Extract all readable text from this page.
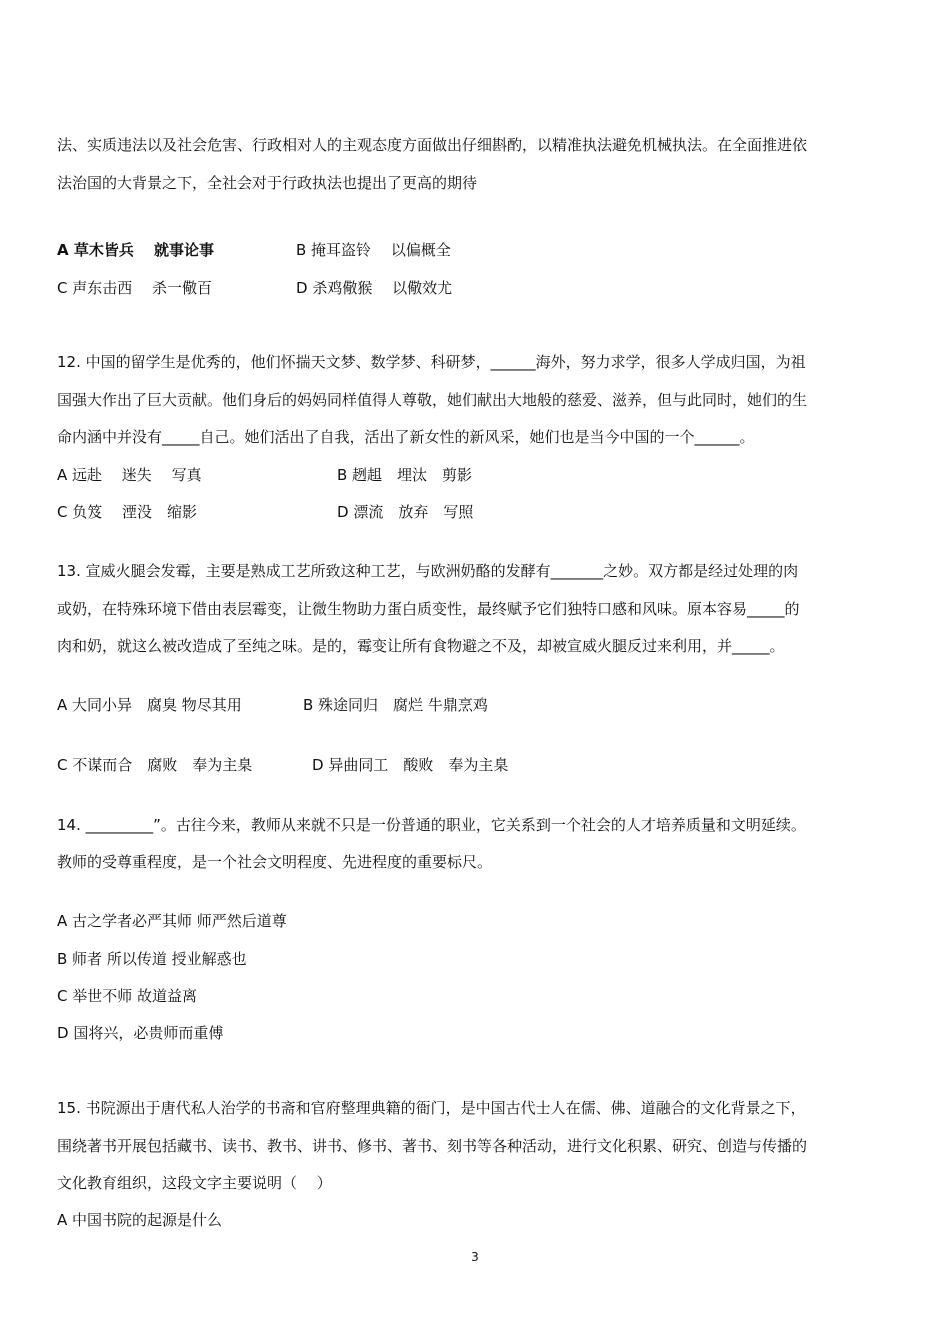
法、实质违法以及社会危害、行政相对人的主观态度方面做出仔细斟酌，以精准执法避免机械执法。在全面推进依
法治国的大背景之下，全社会对于行政执法也提出了更高的期待
A 草木皆兵　 就事论事	B 掩耳盗铃　 以偏概全
C 声东击西　 杀一儆百	D 杀鸡儆猴　 以儆效尤
12. 中国的留学生是优秀的，他们怀揣天文梦、数学梦、科研梦，______海外，努力求学，很多人学成归国，为祖
国强大作出了巨大贡献。他们身后的妈妈同样值得人尊敬，她们献出大地般的慈爱、滋养，但与此同时，她们的生
命内涵中并没有_____自己。她们活出了自我，活出了新女性的新风采，她们也是当今中国的一个______。
A 远赴　 迷失　 写真	B 趔趄　埋汰　剪影
C 负笈　 湮没　缩影	D 漂流　放弃　写照
13. 宣威火腿会发霉，主要是熟成工艺所致这种工艺，与欧洲奶酪的发酵有_______之妙。双方都是经过处理的肉
或奶，在特殊环境下借由表层霉变，让微生物助力蛋白质变性，最终赋予它们独特口感和风味。原本容易_____的
肉和奶，就这么被改造成了至纯之味。是的，霉变让所有食物避之不及，却被宣威火腿反过来利用，并_____。
A 大同小异　腐臭 物尽其用	B 殊途同归　腐烂 牛鼎烹鸡
C 不谋而合　腐败　奉为主臬	D 异曲同工　酸败　奉为主臬
14. _________”。古往今来，教师从来就不只是一份普通的职业，它关系到一个社会的人才培养质量和文明延续。
教师的受尊重程度，是一个社会文明程度、先进程度的重要标尺。
A 古之学者必严其师 师严然后道尊
B 师者 所以传道 授业解惑也
C 举世不师 故道益离
D 国将兴，必贵师而重傅
15. 书院源出于唐代私人治学的书斋和官府整理典籍的衙门，是中国古代士人在儒、佛、道融合的文化背景之下，
围绕著书开展包括藏书、读书、教书、讲书、修书、著书、刻书等各种活动，进行文化积累、研究、创造与传播的
文化教育组织，这段文字主要说明（　 ）
A 中国书院的起源是什么
3
